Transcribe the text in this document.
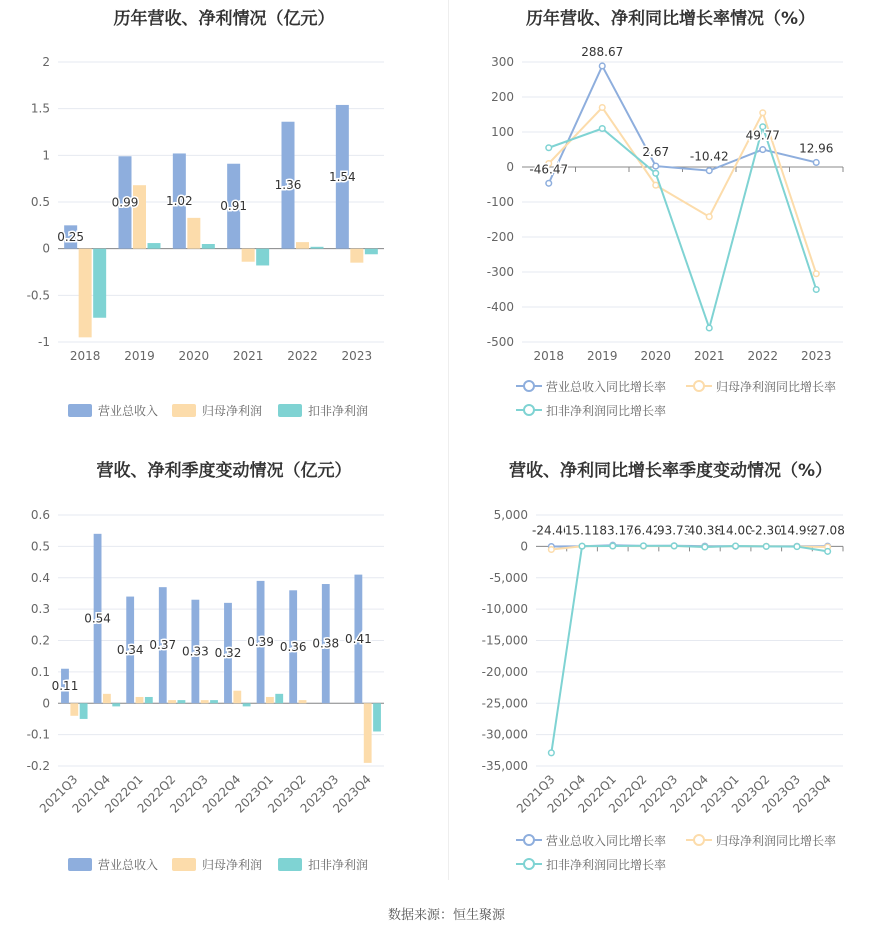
历年营收、净利情况（亿元）
2
1.5
1
0.5
0
-0.5
-1
2018 2019 2020 2021 2022 2023
0.25
0.99 1.02 0.91
1.36
1.54
营业总收入	归母净利润	扣非净利润
历年营收、净利同比增长率情况（%）
300
200
100
0
-100
-200
-300
-400
-500
2018 2019 2020 2021 2022 2023
-46.47
288.67
2.67 -10.42
49.77
12.96
营业总收入同比增长率	归母净利润同比增长率
扣非净利润同比增长率
营收、净利季度变动情况（亿元）
0.6
0.5
0.4
0.3
0.2
0.1
0
-0.1
-0.2
2021Q3
2021Q4
2022Q1
2022Q2
2022Q3
2022Q4
2023Q1
2023Q2
2023Q3
2023Q4
0.11
0.54
0.34 0.37 0.33 0.32
0.39 0.36 0.38 0.41
营业总收入	归母净利润	扣非净利润
营收、净利同比增长率季度变动情况（%）
5,000
0
-5,000
-10,000
-15,000
-20,000
-25,000
-30,000
-35,000
2021Q3
2021Q4
2022Q1
2022Q2
2022Q3
2022Q4
2023Q1
2023Q2
2023Q3
2023Q4
-24.40
15.12
183.15
76.42
93.73
40.38
14.00
-2.30
14.99
27.08
营业总收入同比增长率	归母净利润同比增长率
扣非净利润同比增长率
数据来源：恒生聚源
